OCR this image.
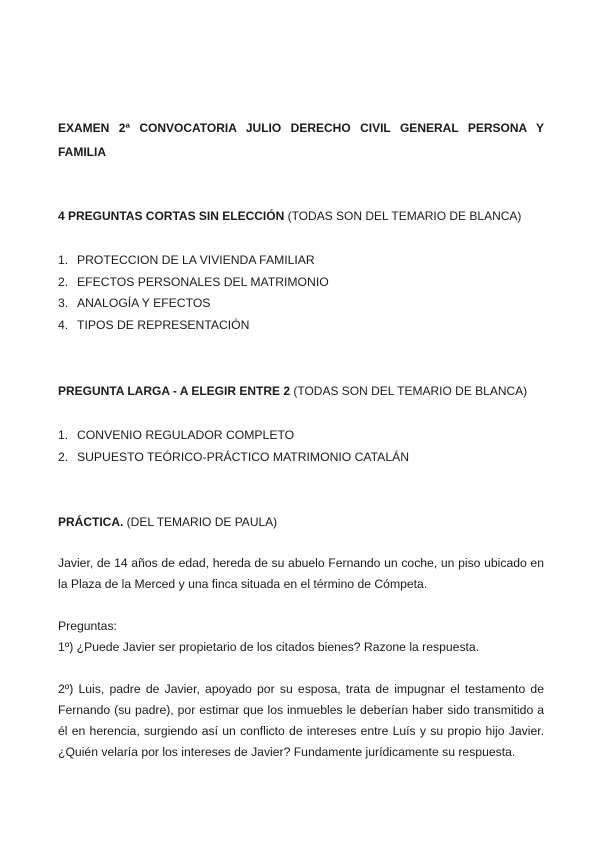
EXAMEN 2ª CONVOCATORIA JULIO DERECHO CIVIL GENERAL PERSONA Y
FAMILIA
4 PREGUNTAS CORTAS SIN ELECCIÓN (TODAS SON DEL TEMARIO DE BLANCA)
1. PROTECCION DE LA VIVIENDA FAMILIAR
2. EFECTOS PERSONALES DEL MATRIMONIO
3. ANALOGÍA Y EFECTOS
4. TIPOS DE REPRESENTACIÓN
PREGUNTA LARGA - A ELEGIR ENTRE 2 (TODAS SON DEL TEMARIO DE BLANCA)
1. CONVENIO REGULADOR COMPLETO
2. SUPUESTO TEÓRICO-PRÁCTICO MATRIMONIO CATALÁN
PRÁCTICA. (DEL TEMARIO DE PAULA)
Javier, de 14 años de edad, hereda de su abuelo Fernando un coche, un piso ubicado en
la Plaza de la Merced y una finca situada en el término de Cómpeta.
Preguntas:
1º) ¿Puede Javier ser propietario de los citados bienes? Razone la respuesta.
2º) Luis, padre de Javier, apoyado por su esposa, trata de impugnar el testamento de
Fernando (su padre), por estimar que los inmuebles le deberían haber sido transmitido a
él en herencia, surgiendo así un conflicto de intereses entre Luís y su propio hijo Javier.
¿Quién velaría por los intereses de Javier? Fundamente jurídicamente su respuesta.
